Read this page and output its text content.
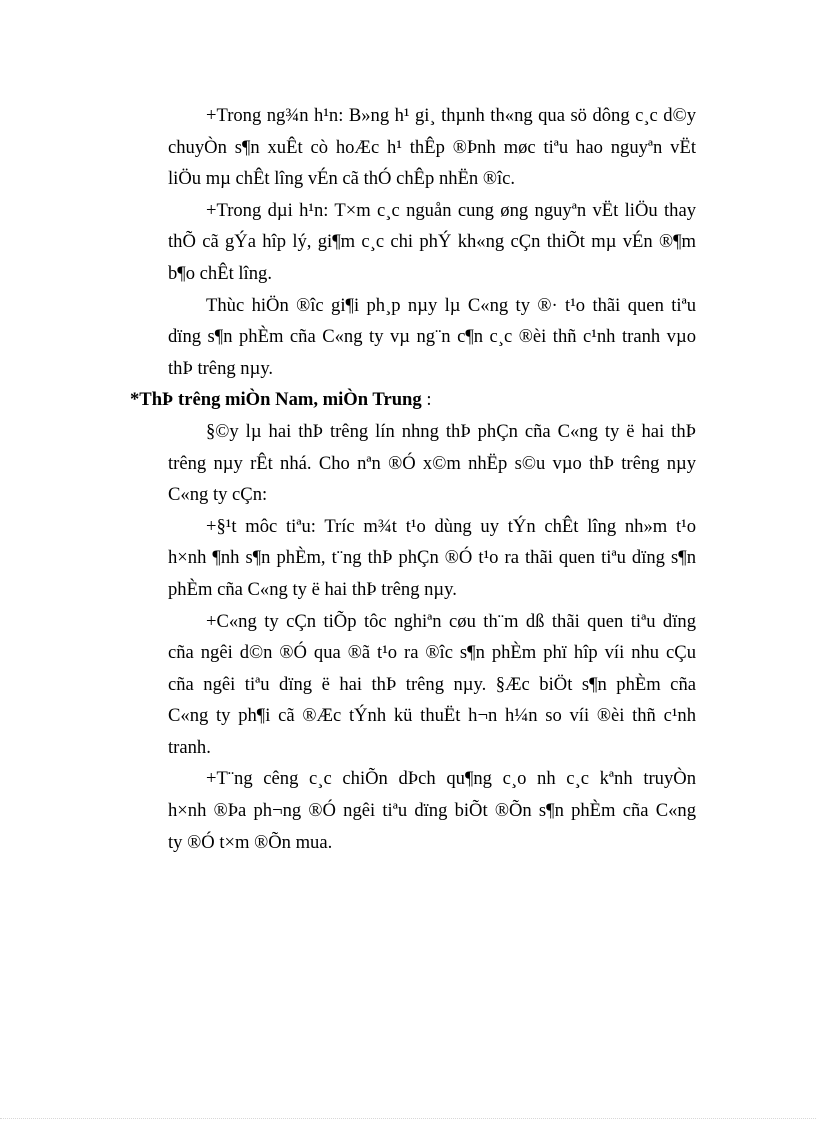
+Trong ng¾n h¹n: B»ng h¹ gi¸ thµnh th«ng qua sö dông c¸c d©y
chuyÒn s¶n xuÊt cò hoÆc h¹ thÊp ®Þnh møc tiªu hao nguyªn vËt
liÖu mµ chÊt lîng vÉn cã thÓ chÊp nhËn ®îc.

+Trong dµi h¹n: T×m c¸c nguån cung øng nguyªn vËt liÖu thay
thÕ cã gÝa hîp lý, gi¶m c¸c chi phÝ kh«ng cÇn thiÕt mµ vÉn ®¶m
b¶o chÊt lîng.

Thùc hiÖn ®îc gi¶i ph¸p nµy lµ C«ng ty ®· t¹o thãi quen tiªu
dïng s¶n phÈm cña C«ng ty vµ ng¨n c¶n c¸c ®èi thñ c¹nh tranh vµo
thÞ trêng nµy.

*ThÞ trêng miÒn Nam, miÒn Trung :

§©y lµ hai thÞ trêng lín nhng thÞ phÇn cña C«ng ty ë hai thÞ
trêng nµy rÊt nhá. Cho nªn ®Ó x©m nhËp s©u vµo thÞ trêng nµy
C«ng ty cÇn:

+§¹t môc tiªu: Tríc m¾t t¹o dùng uy tÝn chÊt lîng nh»m t¹o
h×nh ¶nh s¶n phÈm, t¨ng thÞ phÇn ®Ó t¹o ra thãi quen tiªu dïng s¶n
phÈm cña C«ng ty ë hai thÞ trêng nµy.

+C«ng ty cÇn tiÕp tôc nghiªn cøu th¨m dß thãi quen tiªu dïng
cña ngêi d©n ®Ó qua ®ã t¹o ra ®îc s¶n phÈm phï hîp víi nhu cÇu
cña ngêi tiªu dïng ë hai thÞ trêng nµy. §Æc biÖt s¶n phÈm cña
C«ng ty ph¶i cã ®Æc tÝnh kü thuËt h¬n h¼n so víi ®èi thñ c¹nh
tranh.

+T¨ng cêng c¸c chiÕn dÞch qu¶ng c¸o nh c¸c kªnh truyÒn
h×nh ®Þa ph¬ng ®Ó ngêi tiªu dïng biÕt ®Õn s¶n phÈm cña C«ng
ty ®Ó t×m ®Õn mua.
